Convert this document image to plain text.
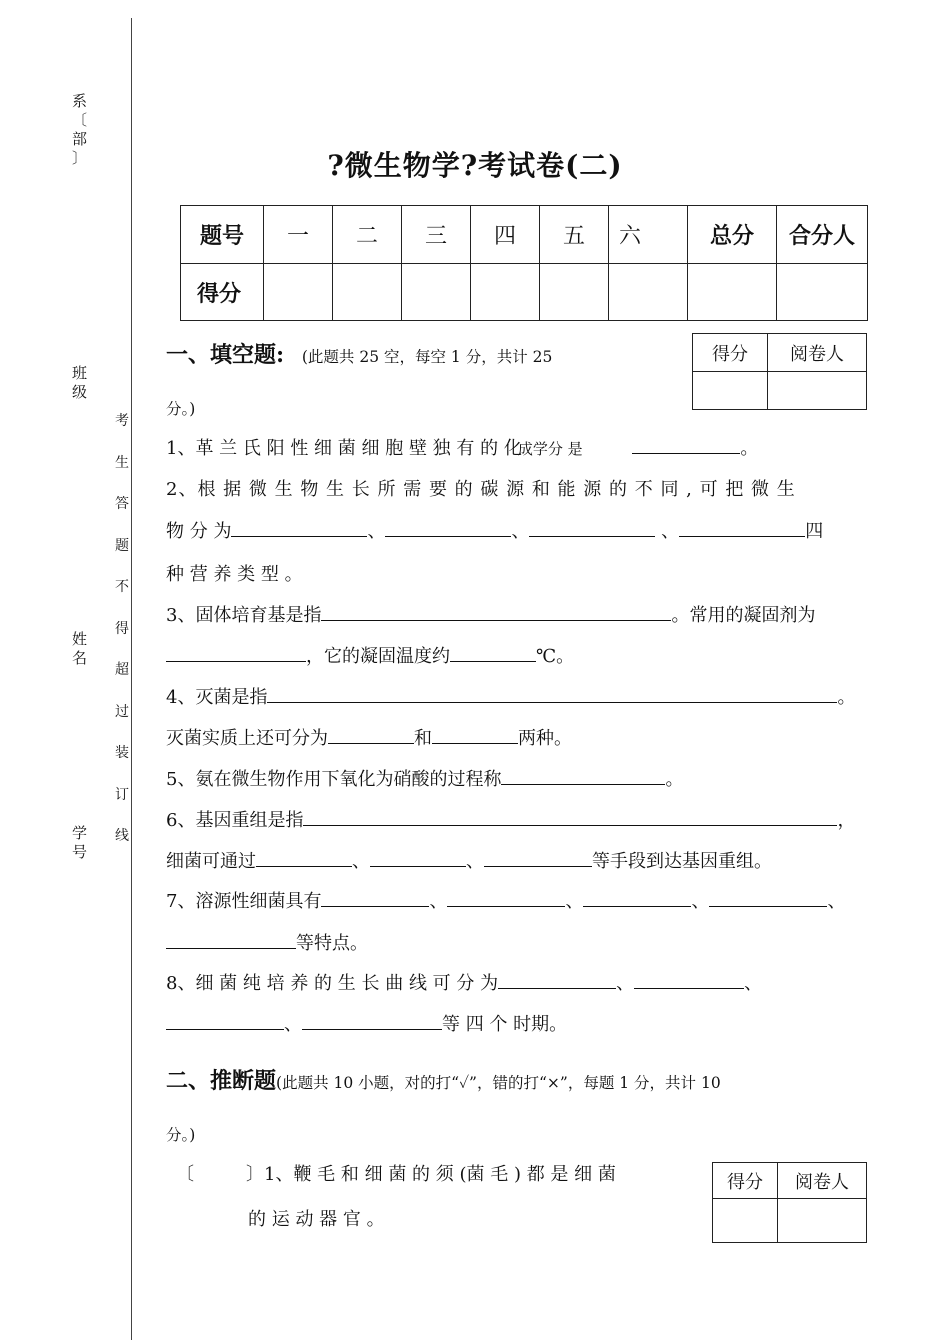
系
〔
部
〕
班
级
姓
名
学
号
考
生
答
题
不
得
超
过
装
订
线
?微生物学?考试卷(二)
题号	一	二	三	四	五	六	总分	合分人
得分								
得分	阅卷人

一、填空题: (此题共 25 空，每空 1 分，共计 25
分。)
1、革 兰 氏 阳 性 细 菌 细 胞 壁 独 有 的 化成学分 是	。
2、根 据 微 生 物 生 长 所 需 要 的 碳 源 和 能 源 的 不 同 , 可 把 微 生
物 分 为	、	、	、	四
种 营 养 类 型 。
3、固体培育基是指	。常用的凝固剂为
，它的凝固温度约	℃。
4、灭菌是指	。
灭菌实质上还可分为	和	两种。
5、氨在微生物作用下氧化为硝酸的过程称	。
6、基因重组是指	，
细菌可通过	、	、	等手段到达基因重组。
7、溶源性细菌具有	、	、	、	、
等特点。
8、细 菌 纯 培 养 的 生 长 曲 线 可 分 为	、	、
、	等 四 个 时期。
二、推断题(此题共 10 小题，对的打“✓”，错的打“×”，每题 1 分，共计 10
分。)
〔	〕1、鞭 毛 和 细 菌 的 须 (菌 毛 ) 都 是 细 菌
的 运 动 器 官 。
得分	阅卷人
